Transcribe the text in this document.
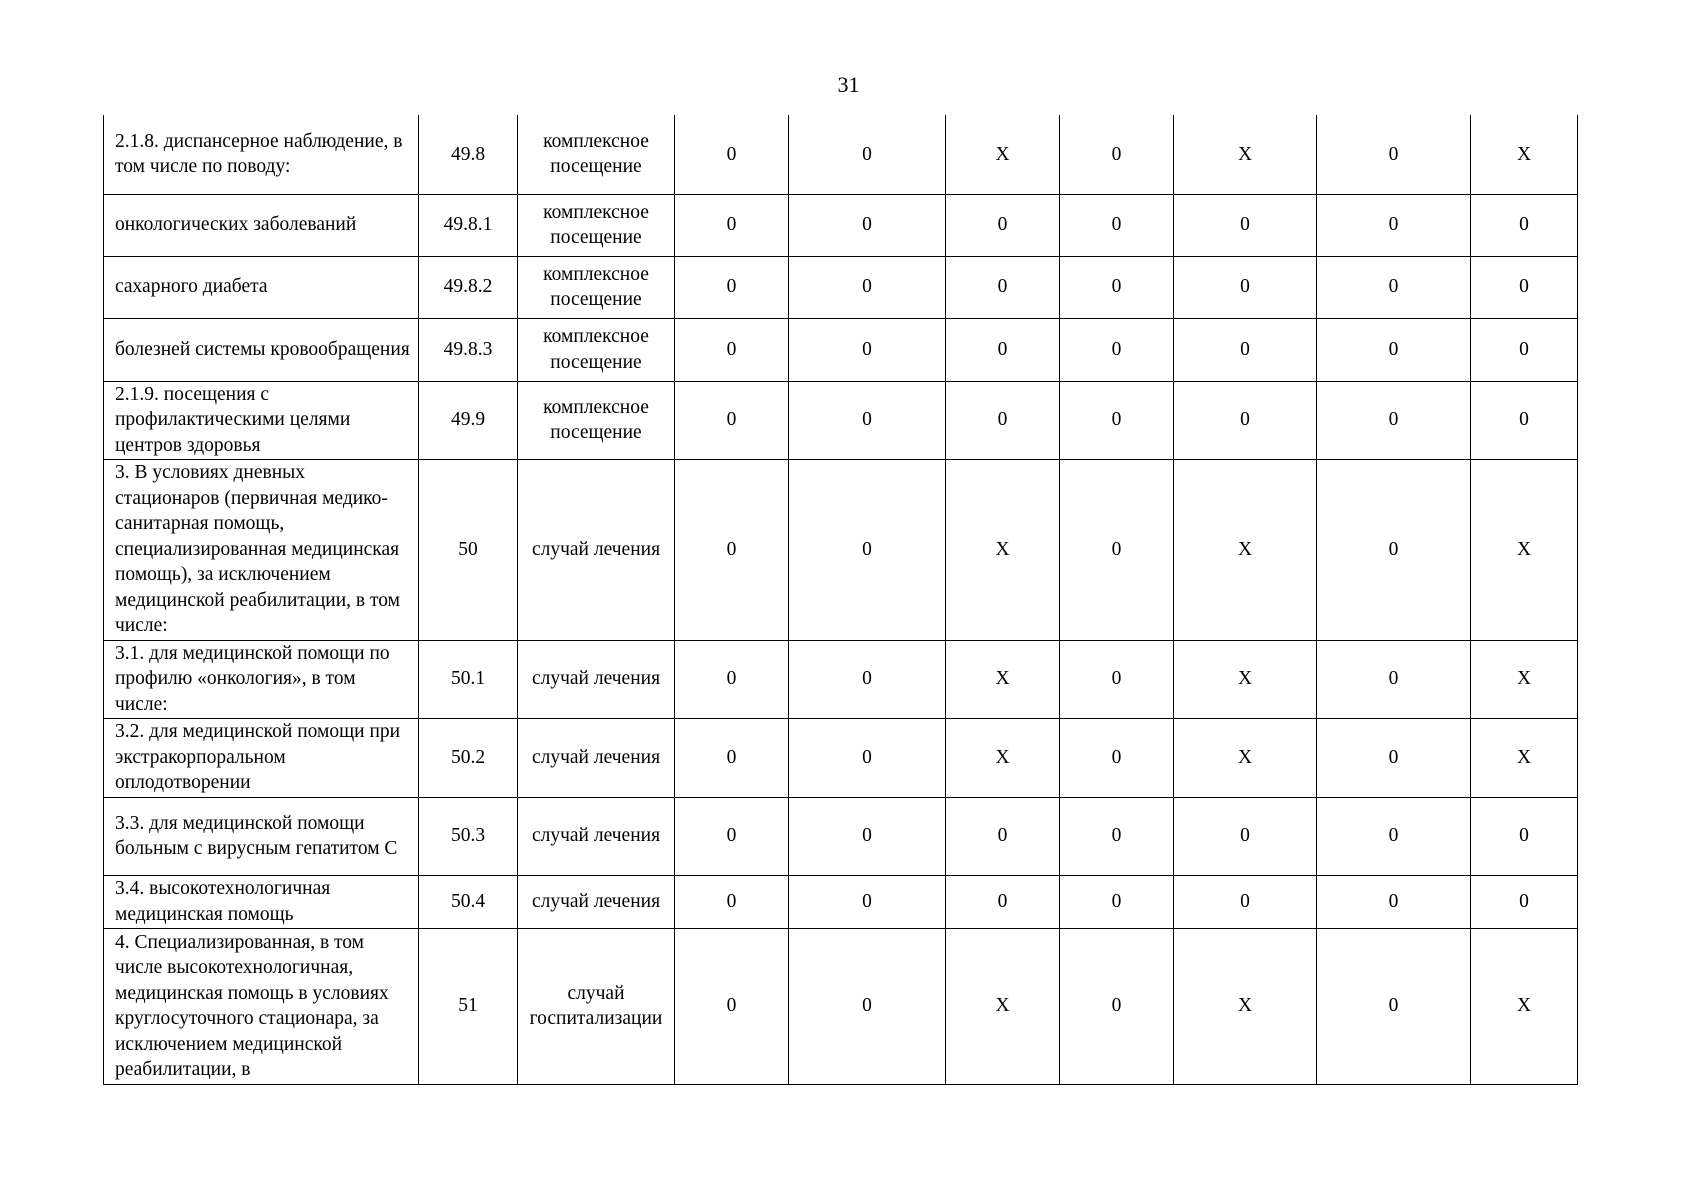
31
2.1.8. диспансерное наблюдение, в том числе по поводу:	49.8	комплексное посещение	0	0	X	0	X	0	X
онкологических заболеваний	49.8.1	комплексное посещение	0	0	0	0	0	0	0
сахарного диабета	49.8.2	комплексное посещение	0	0	0	0	0	0	0
болезней системы кровообращения	49.8.3	комплексное посещение	0	0	0	0	0	0	0
2.1.9. посещения с профилактическими целями центров здоровья	49.9	комплексное посещение	0	0	0	0	0	0	0
3. В условиях дневных стационаров (первичная медико-санитарная помощь, специализированная медицинская помощь), за исключением медицинской реабилитации, в том числе:	50	случай лечения	0	0	X	0	X	0	X
3.1. для медицинской помощи по профилю «онкология», в том числе:	50.1	случай лечения	0	0	X	0	X	0	X
3.2. для медицинской помощи при экстракорпоральном оплодотворении	50.2	случай лечения	0	0	X	0	X	0	X
3.3. для медицинской помощи больным с вирусным гепатитом С	50.3	случай лечения	0	0	0	0	0	0	0
3.4. высокотехнологичная медицинская помощь	50.4	случай лечения	0	0	0	0	0	0	0
4. Специализированная, в том числе высокотехнологичная, медицинская помощь в условиях круглосуточного стационара, за исключением медицинской реабилитации, в	51	случай госпитализации	0	0	X	0	X	0	X
